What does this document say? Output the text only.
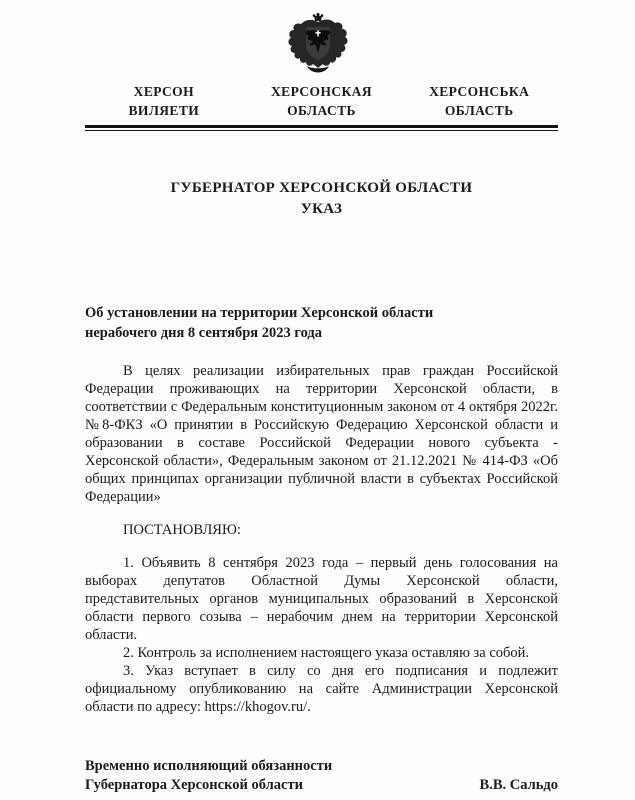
ХЕРСОН
ВИЛЯЕТИ
ХЕРСОНСКАЯ
ОБЛАСТЬ
ХЕРСОНСЬКА
ОБЛАСТЬ
ГУБЕРНАТОР ХЕРСОНСКОЙ ОБЛАСТИ
УКАЗ
Об установлении на территории Херсонской области
нерабочего дня 8 сентября 2023 года

В целях реализации избирательных прав граждан Российской Федерации проживающих на территории Херсонской области, в соответствии с Федеральным конституционным законом от 4 октября 2022г. №8-ФКЗ «О принятии в Российскую Федерацию Херсонской области и образовании в составе Российской Федерации нового субъекта - Херсонской области», Федеральным законом от 21.12.2021 № 414-ФЗ «Об общих принципах организации публичной власти в субъектах Российской Федерации»

ПОСТАНОВЛЯЮ:

1. Объявить 8 сентября 2023 года – первый день голосования на выборах депутатов Областной Думы Херсонской области, представительных органов муниципальных образований в Херсонской области первого созыва – нерабочим днем на территории Херсонской области.

2. Контроль за исполнением настоящего указа оставляю за собой.

3. Указ вступает в силу со дня его подписания и подлежит официальному опубликованию на сайте Администрации Херсонской области по адресу: https://khogov.ru/.

Временно исполняющий обязанности
Губернатора Херсонской области	В.В. Сальдо
